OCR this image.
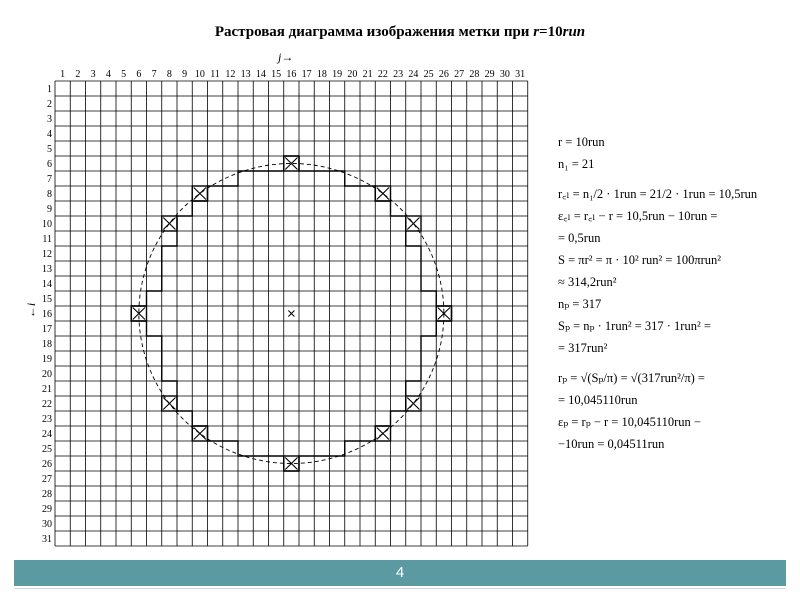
Растровая диаграмма изображения метки при r=10run
j→
←i
1 2 3 4 5 6 7 8 9 10 11 12 13 14 15 16 17 18 19 20 21 22 23 24 25 26 27 28 29 30 31
1
2
3
4
5
6
7
8
9
10
11
12
13
14
15
16
17
18
19
20
21
22
23
24
25
26
27
28
29
30
31
r = 10run
n₁ = 21
r꜀ₗ = n₁/2 · 1run = 21/2 · 1run = 10,5run
ε꜀ₗ = r꜀ₗ − r = 10,5run − 10run =
= 0,5run
S = πr² = π · 10² run² = 100πrun²
≈ 314,2run²
nₚ = 317
Sₚ = nₚ · 1run² = 317 · 1run² =
= 317run²
rₚ = √(Sₚ/π) = √(317run²/π) =
= 10,045110run
εₚ = rₚ − r = 10,045110run −
−10run = 0,04511run
4
